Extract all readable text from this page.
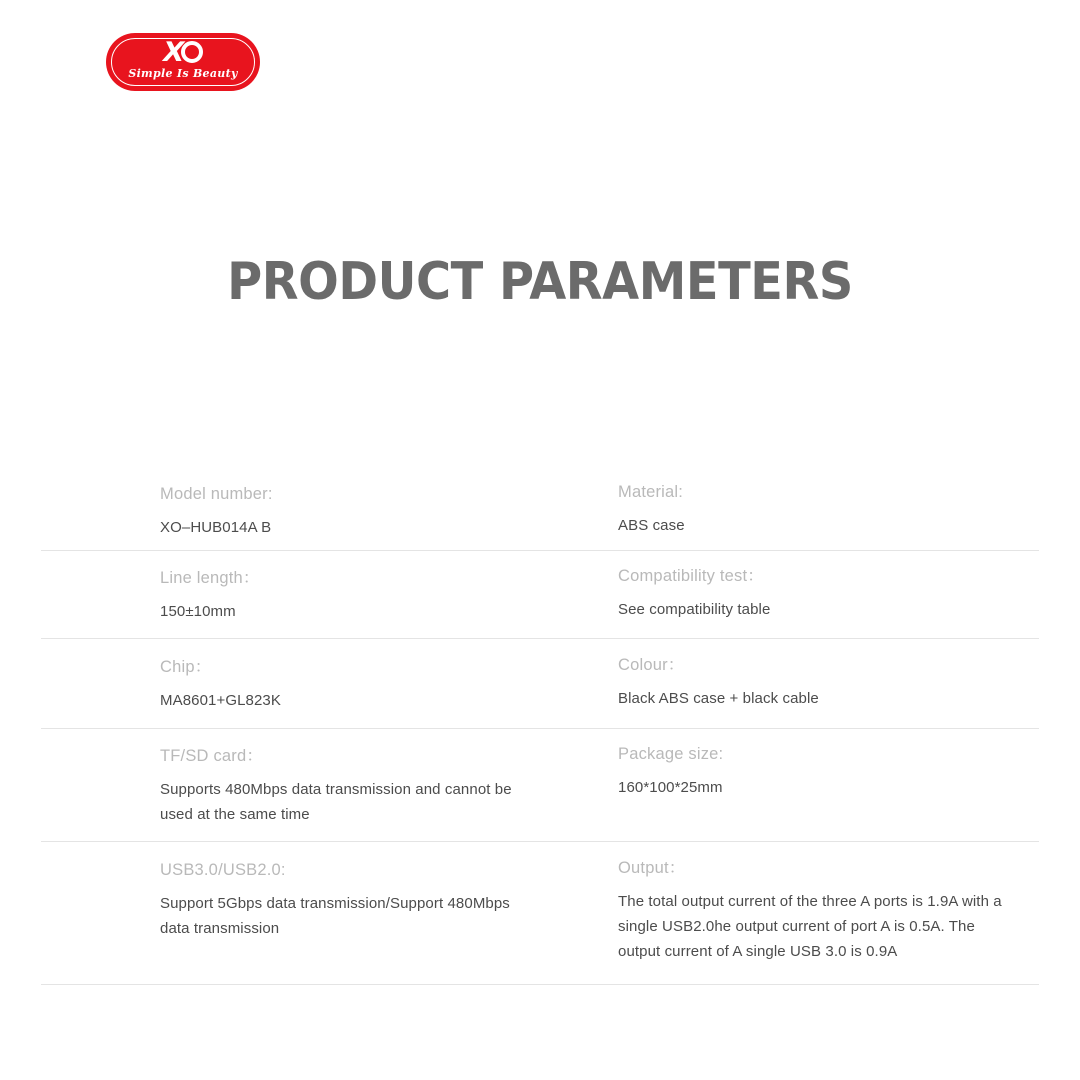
X
Simple Is Beauty
PRODUCT PARAMETERS
Model number:
XO–HUB014A B
Material:
ABS case
Line length：
150±10mm
Compatibility test：
See compatibility table
Chip：
MA8601+GL823K
Colour：
Black ABS case + black cable
TF/SD card：
Supports 480Mbps data transmission and cannot be used at the same time
Package size:
160*100*25mm
USB3.0/USB2.0:
Support 5Gbps data transmission/Support 480Mbps data transmission
Output：
The total output current of the three A ports is 1.9A with a single USB2.0he output current of port A is 0.5A. The output current of A single USB 3.0 is 0.9A
